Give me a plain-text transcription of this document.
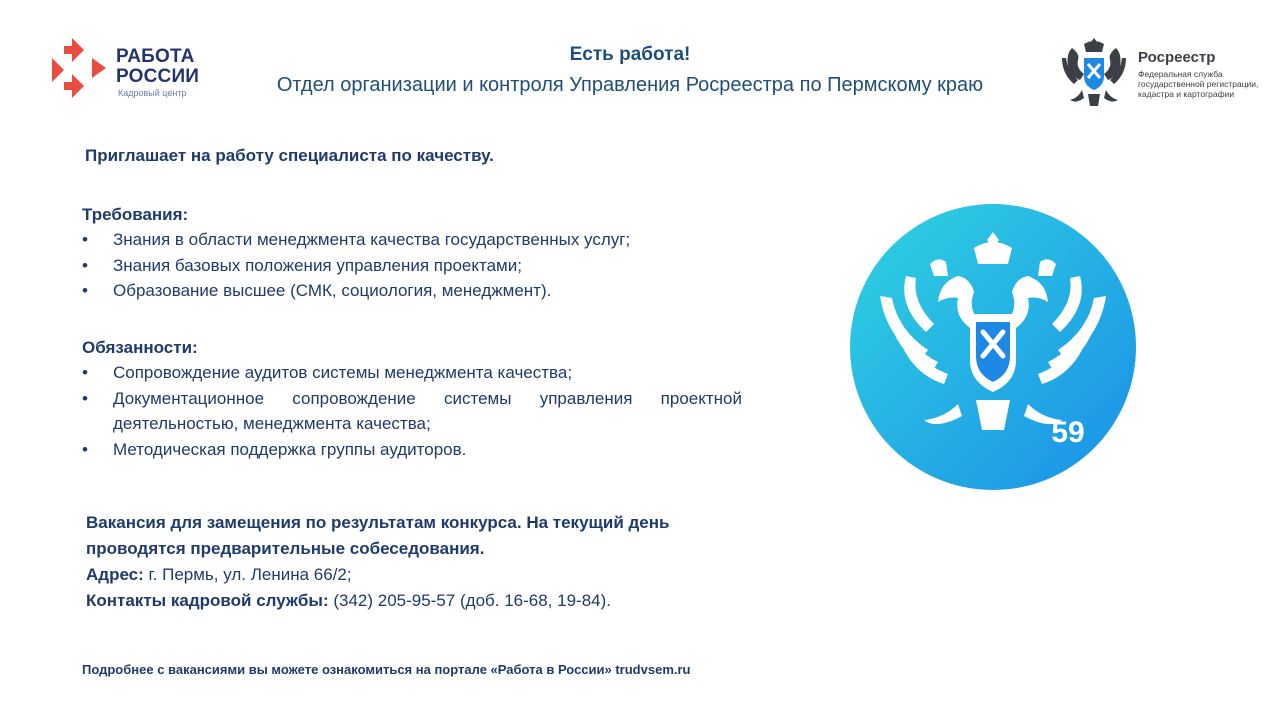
РАБОТА
РОССИИ
Кадровый центр
Есть работа!
Отдел организации и контроля Управления Росреестра по Пермскому краю
Росреестр
Федеральная служба государственной регистрации, кадастра и картографии
Приглашает на работу специалиста по качеству.
Требования:
• Знания в области менеджмента качества государственных услуг;
• Знания базовых положения управления проектами;
• Образование высшее (СМК, социология, менеджмент).
Обязанности:
• Сопровождение аудитов системы менеджмента качества;
• Документационное сопровождение системы управления проектной деятельностью, менеджмента качества;
• Методическая поддержка группы аудиторов.
Вакансия для замещения по результатам конкурса. На текущий день проводятся предварительные собеседования.
Адрес: г. Пермь, ул. Ленина 66/2;
Контакты кадровой службы: (342) 205-95-57 (доб. 16-68, 19-84).
Подробнее с вакансиями вы можете ознакомиться на портале «Работа в России» trudvsem.ru
59
